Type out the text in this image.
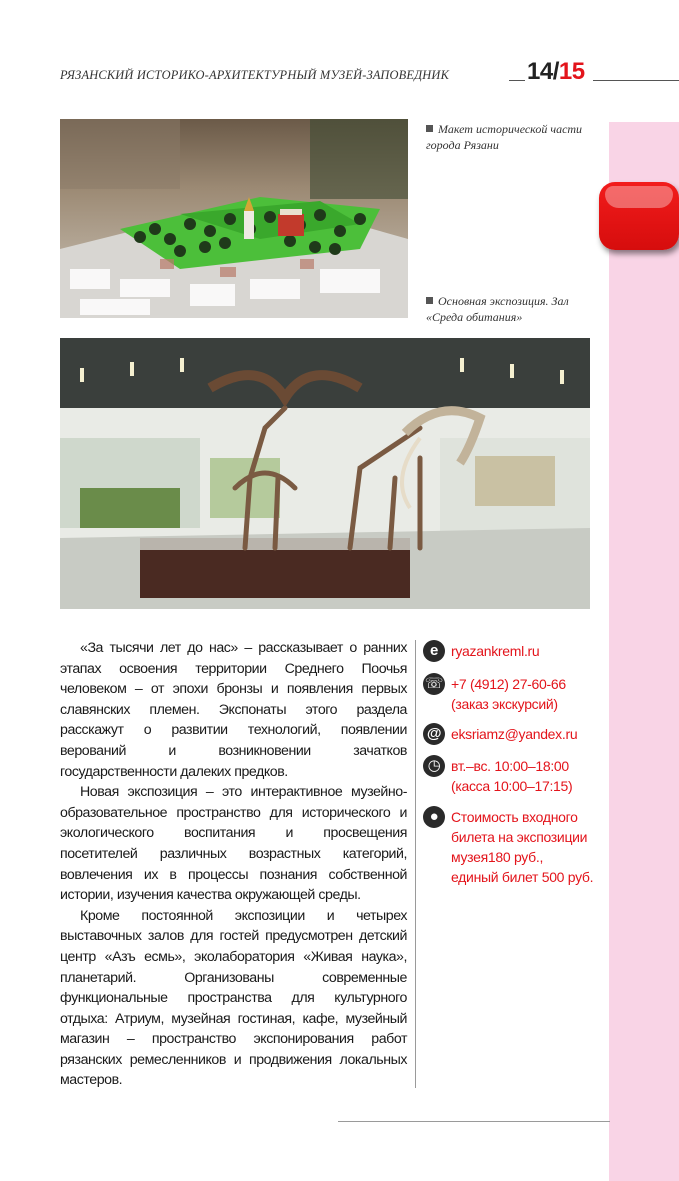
РЯЗАНСКИЙ ИСТОРИКО-АРХИТЕКТУРНЫЙ МУЗЕЙ-ЗАПОВЕДНИК	14/15
Макет исторической части города Рязани
Основная экспозиция. Зал «Среда обитания»

«За тысячи лет до нас» – рассказывает о ранних этапах освоения территории Среднего Поочья человеком – от эпохи бронзы и появления первых славянских племен. Экспонаты этого раздела расскажут о развитии технологий, появлении верований и возникновении зачатков государственности далеких предков.

Новая экспозиция – это интерактивное музейно-образовательное пространство для исторического и экологического воспитания и просвещения посетителей различных возрастных категорий, вовлечения их в процессы познания собственной истории, изучения качества окружающей среды.

Кроме постоянной экспозиции и четырех выставочных залов для гостей предусмотрен детский центр «Азъ есмь», эколаборатория «Живая наука», планетарий. Организованы современные функциональные пространства для культурного отдыха: Атриум, музейная гостиная, кафе, музейный магазин – пространство экспонирования работ рязанских ремесленников и продвижения локальных мастеров.

e ryazankreml.ru
☏ +7 (4912) 27-60-66
(заказ экскурсий)
@ eksriamz@yandex.ru
◷ вт.–вс. 10:00–18:00
(касса 10:00–17:15)
● Стоимость входного
билета на экспозиции
музея180 руб.,
единый билет 500 руб.
